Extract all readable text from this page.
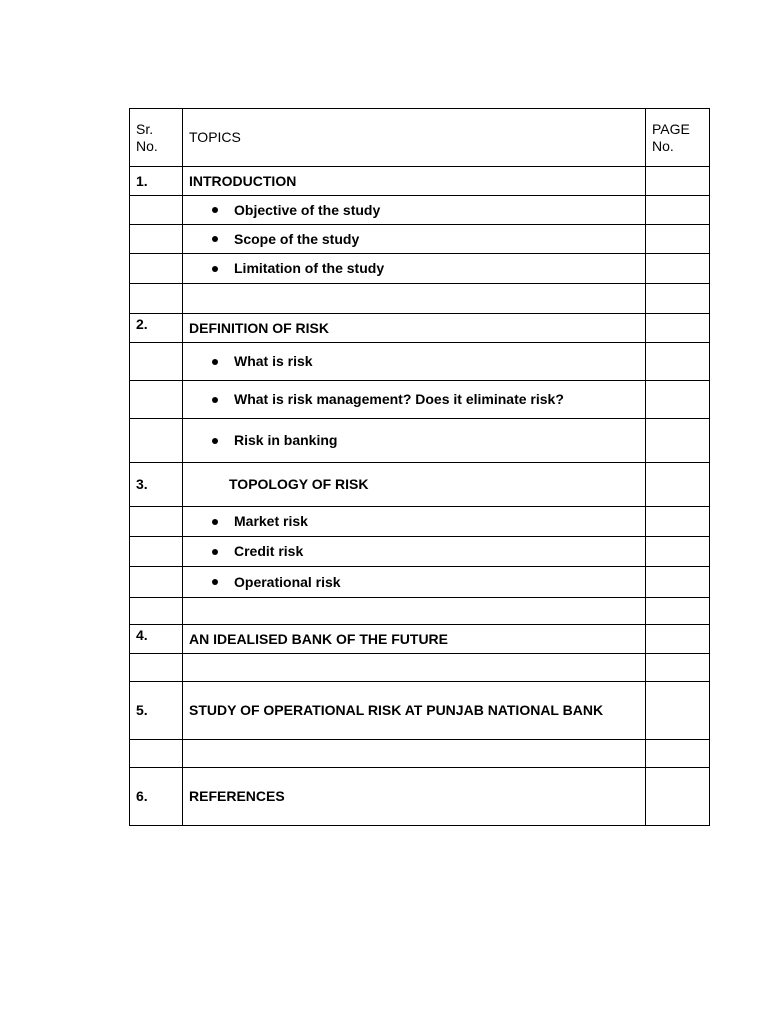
Sr. No.	TOPICS	PAGE No.
1.	INTRODUCTION	

	Objective of the study	

	Scope of the study	

	Limitation of the study	

2.	DEFINITION OF RISK	

	What is risk	

	What is risk management? Does it eliminate risk?	

	Risk in banking	

3.	TOPOLOGY OF RISK	

	Market risk	

	Credit risk	

	Operational risk	

4.	AN IDEALISED BANK OF THE FUTURE	

5.	STUDY OF OPERATIONAL RISK AT PUNJAB NATIONAL BANK	

6.	REFERENCES	
